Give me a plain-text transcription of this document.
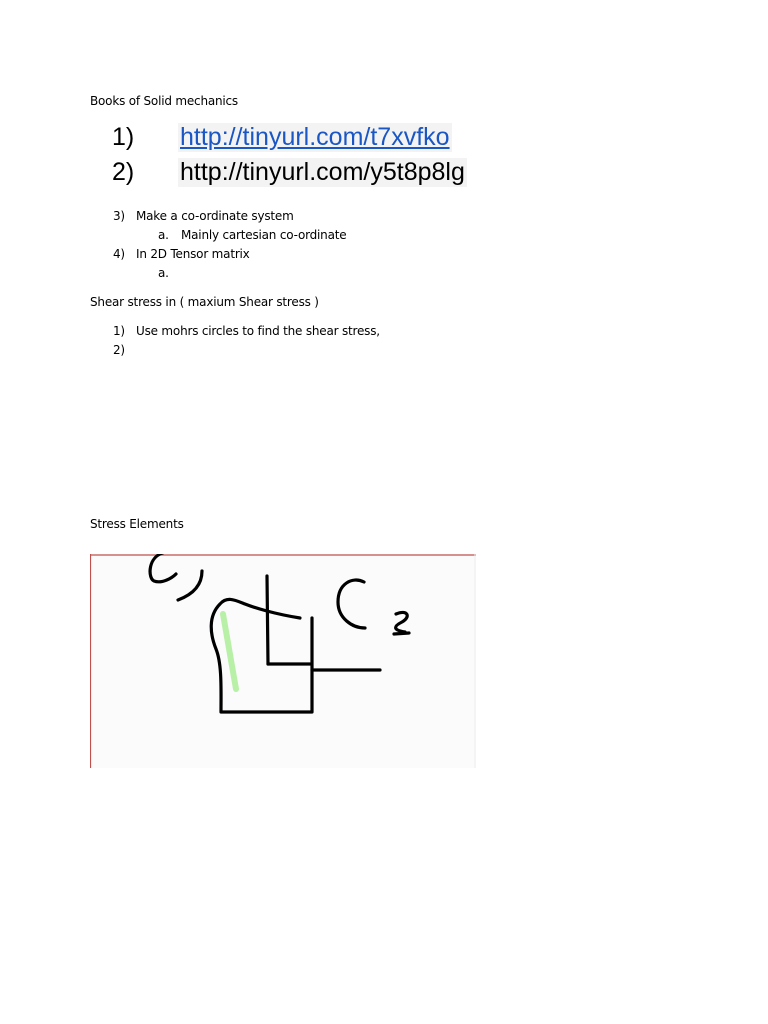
Books of Solid mechanics
1) http://tinyurl.com/t7xvfko
2) http://tinyurl.com/y5t8p8lg
3) Make a co-ordinate system
a. Mainly cartesian co-ordinate
4) In 2D Tensor matrix
a.
Shear stress in ( maxium Shear stress )
1) Use mohrs circles to find the shear stress,
2)
Stress Elements
